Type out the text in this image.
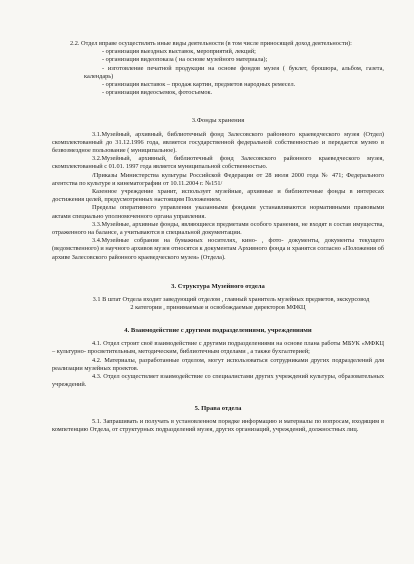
2.2. Отдел вправе осуществлять иные виды деятельности (в том числе приносящей доход деятельности):

- организация выездных выставок, мероприятий, лекций;

- организация видеопоказа ( на основе музейного материала);

- изготовление печатной продукции на основе фондов музея ( буклет, брошюра, альбом, газета, календарь)

- организация выставок – продаж картин, предметов народных ремесел.

- организация видеосъемок, фотосъемок.

3.Фонды хранения

3.1.Музейный, архивный, библиотечный фонд Залесовского районного краеведческого музея (Отдел) скомплектованный до 31.12.1996 года, является государственной федеральной собственностью и передается музею в безвозмездное пользование ( муниципальное).

3.2.Музейный, архивный, библиотечный фонд Залесовского районного краеведческого музея, скомплектованный с 01.01. 1997 года является муниципальной собственностью.

/Приказы Министерства культуры Российской Федерации от 28 июля 2000 года № 471; Федерального агентства по культуре и кинематографии от 10.11.2004 г. №151/

Казенное учреждение хранит, использует музейные, архивные и библиотечные фонды в интересах достижения целей, предусмотренных настоящим Положением.

Пределы оперативного управления указанными фондами устанавливаются нормативными правовыми актами специально уполномоченного органа управления.

3.3.Музейные, архивные фонды, являющиеся предметами особого хранения, не входят в состав имущества, отраженного на балансе, а учитываются в специальной документации.

3.4.Музейные собрания на бумажных носителях, кино- , фото- документы, документы текущего (ведомственного) и научного архивов музея относятся к документам Архивного фонда и хранятся согласно «Положения об архиве Залесовского районного краеведческого музея» (Отдела).

3. Структура Музейного отдела

3.1 В штат Отдела входит заведующий отделом , главный хранитель музейных предметов, экскурсовод 2 категории , принимаемые и освобождаемые директоров МФКЦ

4. Взаимодействие с другими подразделениями, учреждениями

4.1. Отдел строит своё взаимодействие с другими подразделениями на основе плана работы МБУК «МФКЦ – культурно- просветительным, методическим, библиотечным отделами , а также бухгалтерией;

4.2. Материалы, разработанные отделом, могут использоваться сотрудниками других подразделений для реализации музейных проектов.

4.3. Отдел осуществляет взаимодействие со специалистами других учреждений культуры, образовательных учреждений.

5. Права отдела

5.1. Запрашивать и получать в установленном порядке информацию и материалы по вопросам, входящим в компетенцию Отдела, от структурных подразделений музея, других организаций, учреждений, должностных лиц.
